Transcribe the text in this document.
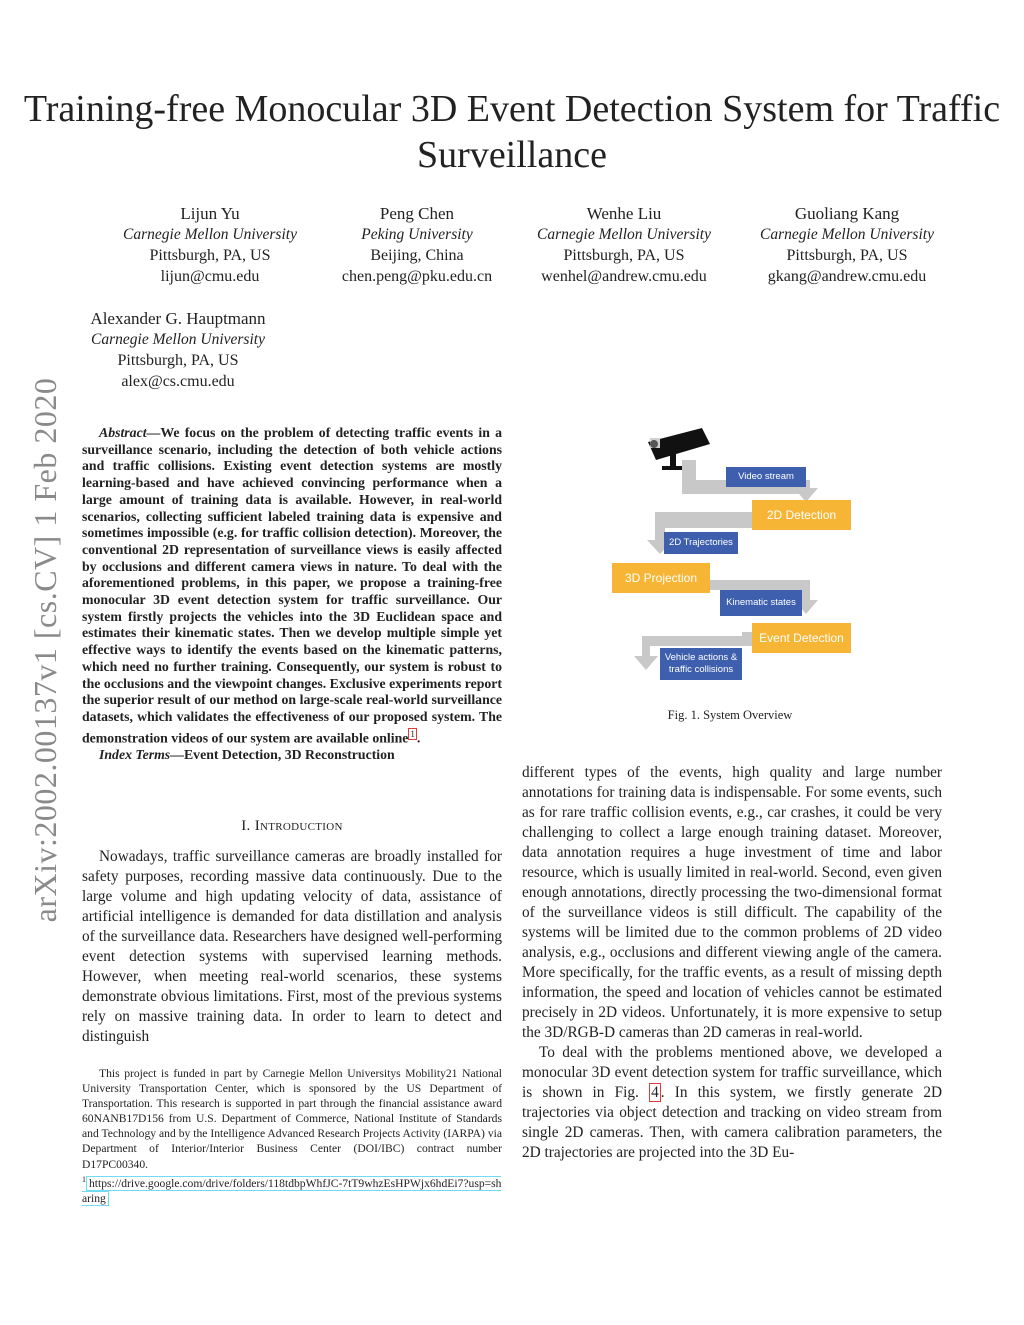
Training-free Monocular 3D Event Detection System for Traffic Surveillance
arXiv:2002.00137v1 [cs.CV] 1 Feb 2020
Lijun Yu
Carnegie Mellon University
Pittsburgh, PA, US
lijun@cmu.edu
Peng Chen
Peking University
Beijing, China
chen.peng@pku.edu.cn
Wenhe Liu
Carnegie Mellon University
Pittsburgh, PA, US
wenhel@andrew.cmu.edu
Guoliang Kang
Carnegie Mellon University
Pittsburgh, PA, US
gkang@andrew.cmu.edu
Alexander G. Hauptmann
Carnegie Mellon University
Pittsburgh, PA, US
alex@cs.cmu.edu
Abstract—We focus on the problem of detecting traffic events in a surveillance scenario, including the detection of both vehicle actions and traffic collisions. Existing event detection systems are mostly learning-based and have achieved convincing performance when a large amount of training data is available. However, in real-world scenarios, collecting sufficient labeled training data is expensive and sometimes impossible (e.g. for traffic collision detection). Moreover, the conventional 2D representation of surveillance views is easily affected by occlusions and different camera views in nature. To deal with the aforementioned problems, in this paper, we propose a training-free monocular 3D event detection system for traffic surveillance. Our system firstly projects the vehicles into the 3D Euclidean space and estimates their kinematic states. Then we develop multiple simple yet effective ways to identify the events based on the kinematic patterns, which need no further training. Consequently, our system is robust to the occlusions and the viewpoint changes. Exclusive experiments report the superior result of our method on large-scale real-world surveillance datasets, which validates the effectiveness of our proposed system. The demonstration videos of our system are available online $^1$ .
Index Terms—Event Detection, 3D Reconstruction
I. Introduction
Nowadays, traffic surveillance cameras are broadly installed for safety purposes, recording massive data continuously. Due to the large volume and high updating velocity of data, assistance of artificial intelligence is demanded for data distillation and analysis of the surveillance data. Researchers have designed well-performing event detection systems with supervised learning methods. However, when meeting real-world scenarios, these systems demonstrate obvious limitations. First, most of the previous systems rely on massive training data. In order to learn to detect and distinguish
This project is funded in part by Carnegie Mellon Universitys Mobility21 National University Transportation Center, which is sponsored by the US Department of Transportation. This research is supported in part through the financial assistance award 60NANB17D156 from U.S. Department of Commerce, National Institute of Standards and Technology and by the Intelligence Advanced Research Projects Activity (IARPA) via Department of Interior/Interior Business Center (DOI/IBC) contract number D17PC00340.
$^1$ https://drive.google.com/drive/folders/118tdbpWhfJC-7tT9whzEsHPWjx6hdEi7?usp=sharing
Video stream
2D Detection
2D Trajectories
3D Projection
Kinematic states
Event Detection
Vehicle actions & traffic collisions
Fig. 1. System Overview
different types of the events, high quality and large number annotations for training data is indispensable. For some events, such as for rare traffic collision events, e.g., car crashes, it could be very challenging to collect a large enough training dataset. Moreover, data annotation requires a huge investment of time and labor resource, which is usually limited in real-world. Second, even given enough annotations, directly processing the two-dimensional format of the surveillance videos is still difficult. The capability of the systems will be limited due to the common problems of 2D video analysis, e.g., occlusions and different viewing angle of the camera. More specifically, for the traffic events, as a result of missing depth information, the speed and location of vehicles cannot be estimated precisely in 2D videos. Unfortunately, it is more expensive to setup the 3D/RGB-D cameras than 2D cameras in real-world.
To deal with the problems mentioned above, we developed a monocular 3D event detection system for traffic surveillance, which is shown in Fig. 4 . In this system, we firstly generate 2D trajectories via object detection and tracking on video stream from single 2D cameras. Then, with camera calibration parameters, the 2D trajectories are projected into the 3D Eu-
